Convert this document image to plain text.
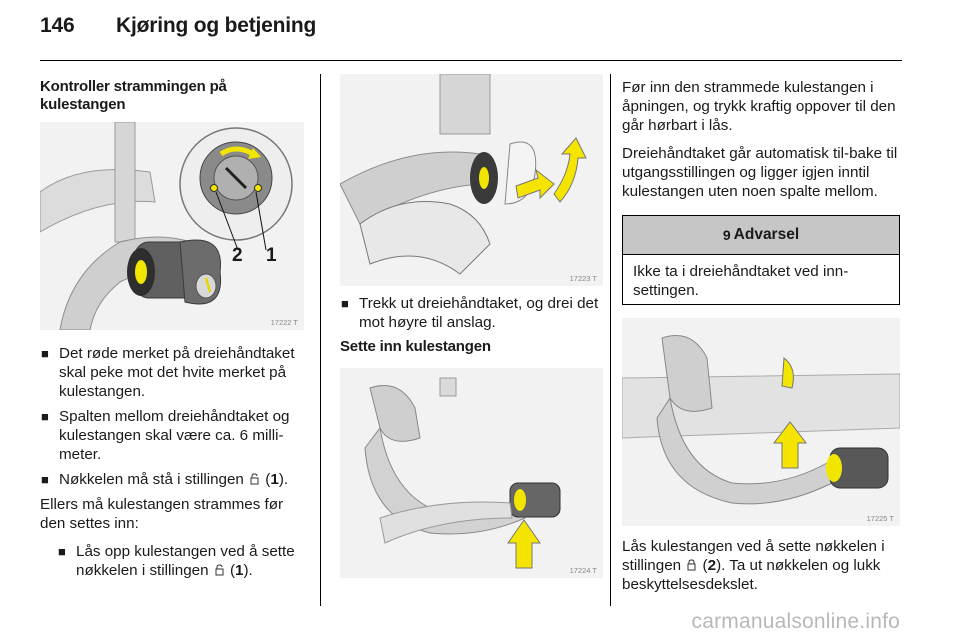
146 Kjøring og betjening
Kontroller strammingen på kulestangen
2 1
17222 T
■ Det røde merket på dreiehåndtaket skal peke mot det hvite merket på kulestangen.
■ Spalten mellom dreiehåndtaket og kulestangen skal være ca. 6 milli-meter.
■ Nøkkelen må stå i stillingen  (1).

Ellers må kulestangen strammes før den settes inn:

■ Lås opp kulestangen ved å sette nøkkelen i stillingen  (1).
17223 T
■ Trekk ut dreiehåndtaket, og drei det mot høyre til anslag.
Sette inn kulestangen
17224 T

Før inn den strammede kulestangen i åpningen, og trykk kraftig oppover til den går hørbart i lås.

Dreiehåndtaket går automatisk til-bake til utgangsstillingen og ligger igjen inntil kulestangen uten noen spalte mellom.

9 Advarsel
Ikke ta i dreiehåndtaket ved inn-settingen.
17225 T

Lås kulestangen ved å sette nøkkelen i stillingen  (2). Ta ut nøkkelen og lukk beskyttelsesdekslet.

carmanualsonline.info
